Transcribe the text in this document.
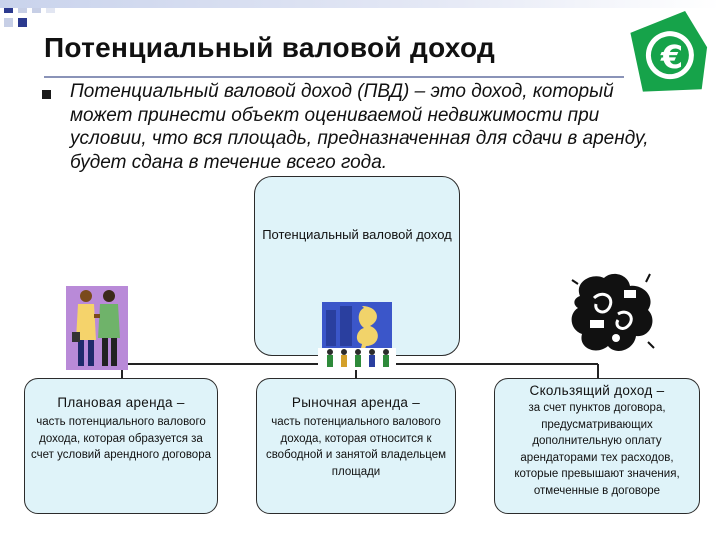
Потенциальный валовой доход
Потенциальный валовой доход (ПВД) – это доход, который может принести объект оцениваемой недвижимости при условии, что вся площадь, предназначенная для сдачи в аренду, будет сдана в течение всего года.
€
Потенциальный валовой доход
Плановая аренда –
часть потенциального валового дохода, которая образуется за счет условий арендного договора
Рыночная аренда –
часть потенциального валового дохода, которая относится к свободной и занятой владельцем площади
Скользящий доход –
за счет пунктов договора, предусматривающих дополнительную оплату арендаторами тех расходов, которые превышают значения, отмеченные в договоре
